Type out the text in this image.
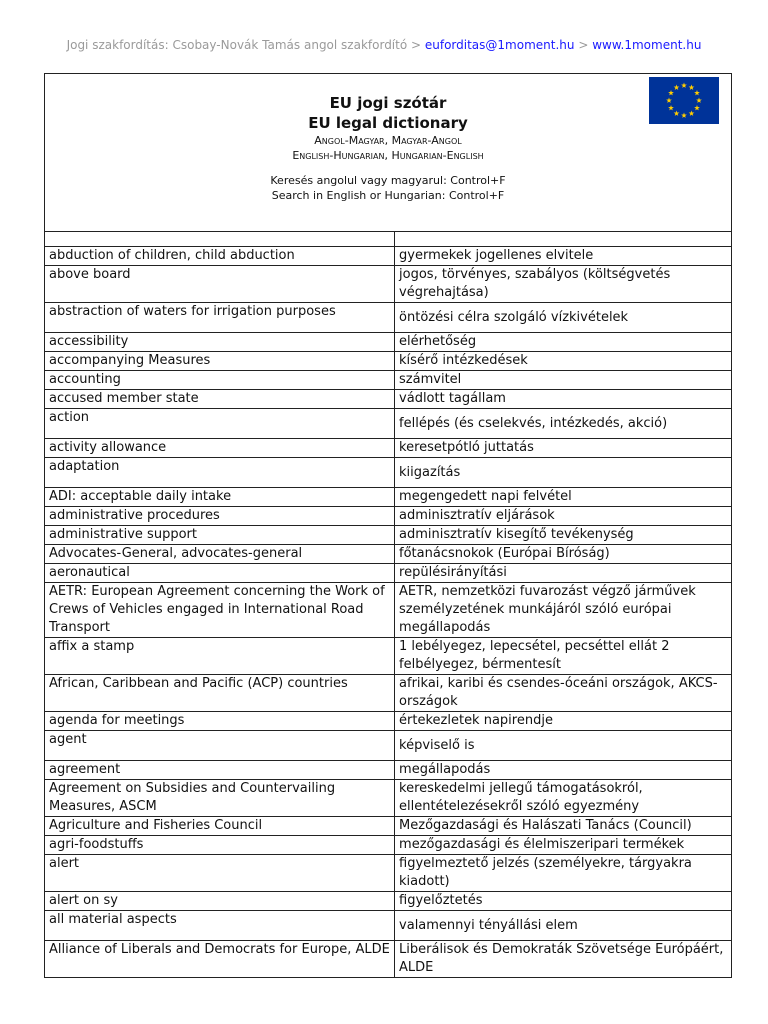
Jogi szakfordítás: Csobay-Novák Tamás angol szakfordító > euforditas@1moment.hu > www.1moment.hu
EU jogi szótár
EU legal dictionary
Angol-Magyar, Magyar-Angol
English-Hungarian, Hungarian-English
Keresés angolul vagy magyarul: Control+F
Search in English or Hungarian: Control+F

abduction of children, child abduction	gyermekek jogellenes elvitele
above board	jogos, törvényes, szabályos (költségvetés végrehajtása)
abstraction of waters for irrigation purposes	öntözési célra szolgáló vízkivételek
accessibility	elérhetőség
accompanying Measures	kísérő intézkedések
accounting	számvitel
accused member state	vádlott tagállam
action	fellépés (és cselekvés, intézkedés, akció)
activity allowance	keresetpótló juttatás
adaptation	kiigazítás
ADI: acceptable daily intake	megengedett napi felvétel
administrative procedures	adminisztratív eljárások
administrative support	adminisztratív kisegítő tevékenység
Advocates-General, advocates-general	főtanácsnokok (Európai Bíróság)
aeronautical	repülésirányítási
AETR: European Agreement concerning the Work of Crews of Vehicles engaged in International Road Transport	AETR, nemzetközi fuvarozást végző járművek személyzetének munkájáról szóló európai megállapodás
affix a stamp	1 lebélyegez, lepecsétel, pecséttel ellát 2 felbélyegez, bérmentesít
African, Caribbean and Pacific (ACP) countries	afrikai, karibi és csendes-óceáni országok, AKCS-országok
agenda for meetings	értekezletek napirendje
agent	képviselő is
agreement	megállapodás
Agreement on Subsidies and Countervailing Measures, ASCM	kereskedelmi jellegű támogatásokról, ellentételezésekről szóló egyezmény
Agriculture and Fisheries Council	Mezőgazdasági és Halászati Tanács (Council)
agri-foodstuffs	mezőgazdasági és élelmiszeripari termékek
alert	figyelmeztető jelzés (személyekre, tárgyakra kiadott)
alert on sy	figyelőztetés
all material aspects	valamennyi tényállási elem
Alliance of Liberals and Democrats for Europe, ALDE	Liberálisok és Demokraták Szövetsége Európáért, ALDE
